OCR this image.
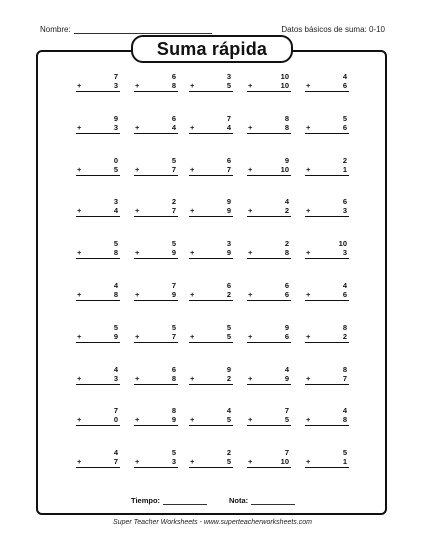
Nombre:	Datos básicos de suma: 0-10
Suma rápida
7
+	3
6
+	8
3
+	5
10
+	10
4
+	6
9
+	3
6
+	4
7
+	4
8
+	8
5
+	6
0
+	5
5
+	7
6
+	7
9
+	10
2
+	1
3
+	4
2
+	7
9
+	9
4
+	2
6
+	3
5
+	8
5
+	9
3
+	9
2
+	8
10
+	3
4
+	8
7
+	9
6
+	2
6
+	6
4
+	6
5
+	9
5
+	7
5
+	5
9
+	6
8
+	2
4
+	3
6
+	8
9
+	2
4
+	9
8
+	7
7
+	0
8
+	9
4
+	5
7
+	5
4
+	8
4
+	7
5
+	3
2
+	5
7
+	10
5
+	1
Tiempo:	Nota:
Super Teacher Worksheets - www.superteacherworksheets.com
